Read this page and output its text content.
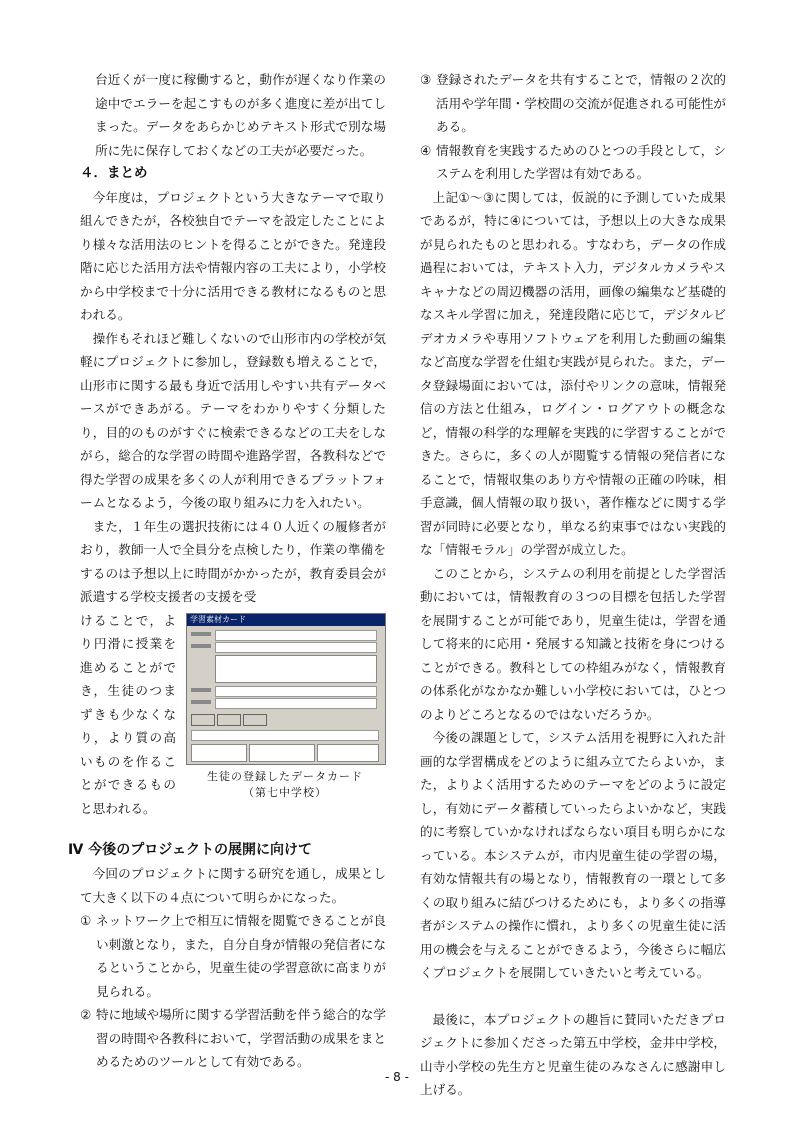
台近くが一度に稼働すると，動作が遅くなり作業の途中でエラーを起こすものが多く進度に差が出てしまった。データをあらかじめテキスト形式で別な場所に先に保存しておくなどの工夫が必要だった。

４．まとめ

今年度は，プロジェクトという大きなテーマで取り組んできたが，各校独自でテーマを設定したことにより様々な活用法のヒントを得ることができた。発達段階に応じた活用方法や情報内容の工夫により，小学校から中学校まで十分に活用できる教材になるものと思われる。

操作もそれほど難しくないので山形市内の学校が気軽にプロジェクトに参加し，登録数も増えることで，山形市に関する最も身近で活用しやすい共有データベースができあがる。テーマをわかりやすく分類したり，目的のものがすぐに検索できるなどの工夫をしながら，総合的な学習の時間や進路学習，各教科などで得た学習の成果を多くの人が利用できるプラットフォームとなるよう，今後の取り組みに力を入れたい。

また，１年生の選択技術には４０人近くの履修者がおり，教師一人で全員分を点検したり，作業の準備をするのは予想以上に時間がかかったが，教育委員会が派遣する学校支援者の支援を受

けることで，より円滑に授業を進めることができ，生徒のつまずきも少なくなり，より質の高いものを作ることができるものと思われる。

学習素材カード
生徒の登録したデータカード
（第七中学校）
Ⅳ 今後のプロジェクトの展開に向けて

今回のプロジェクトに関する研究を通し，成果として大きく以下の４点について明らかになった。

① ネットワーク上で相互に情報を閲覧できることが良い刺激となり，また，自分自身が情報の発信者になるということから，児童生徒の学習意欲に高まりが見られる。
② 特に地域や場所に関する学習活動を伴う総合的な学習の時間や各教科において，学習活動の成果をまとめるためのツールとして有効である。
③ 登録されたデータを共有することで，情報の２次的活用や学年間・学校間の交流が促進される可能性がある。
④ 情報教育を実践するためのひとつの手段として，システムを利用した学習は有効である。

上記①～③に関しては，仮説的に予測していた成果であるが，特に④については，予想以上の大きな成果が見られたものと思われる。すなわち，データの作成過程においては，テキスト入力，デジタルカメラやスキャナなどの周辺機器の活用，画像の編集など基礎的なスキル学習に加え，発達段階に応じて，デジタルビデオカメラや専用ソフトウェアを利用した動画の編集など高度な学習を仕組む実践が見られた。また，データ登録場面においては，添付やリンクの意味，情報発信の方法と仕組み，ログイン・ログアウトの概念など，情報の科学的な理解を実践的に学習することができた。さらに，多くの人が閲覧する情報の発信者になることで，情報収集のあり方や情報の正確の吟味，相手意識，個人情報の取り扱い，著作権などに関する学習が同時に必要となり，単なる約束事ではない実践的な「情報モラル」の学習が成立した。

このことから，システムの利用を前提とした学習活動においては，情報教育の３つの目標を包括した学習を展開することが可能であり，児童生徒は，学習を通して将来的に応用・発展する知識と技術を身につけることができる。教科としての枠組みがなく，情報教育の体系化がなかなか難しい小学校においては，ひとつのよりどころとなるのではないだろうか。

今後の課題として，システム活用を視野に入れた計画的な学習構成をどのように組み立てたらよいか，また，よりよく活用するためのテーマをどのように設定し，有効にデータ蓄積していったらよいかなど，実践的に考察していかなければならない項目も明らかになっている。本システムが，市内児童生徒の学習の場，有効な情報共有の場となり，情報教育の一環として多くの取り組みに結びつけるためにも，より多くの指導者がシステムの操作に慣れ，より多くの児童生徒に活用の機会を与えることができるよう，今後さらに幅広くプロジェクトを展開していきたいと考えている。

最後に，本プロジェクトの趣旨に賛同いただきプロジェクトに参加くださった第五中学校，金井中学校，山寺小学校の先生方と児童生徒のみなさんに感謝申し上げる。

- 8 -
